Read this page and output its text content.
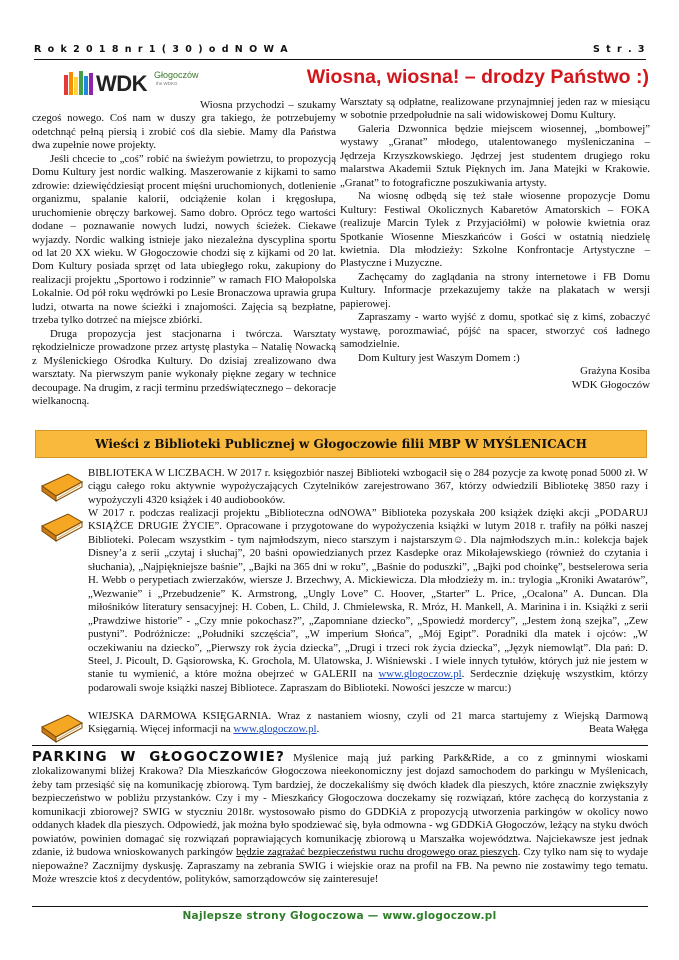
R o k 2 0 1 8 n r 1 ( 3 0 ) o d N O W A	S t r . 3
WDK Głogoczów
the WDKG	Wiosna, wiosna! – drodzy Państwo :)

Wiosna przychodzi – szukamy czegoś nowego. Coś nam w duszy gra takiego, że potrzebujemy odetchnąć pełną piersią i zrobić coś dla siebie. Mamy dla Państwa dwa zupełnie nowe projekty.

Jeśli chcecie to „coś” robić na świeżym powietrzu, to propozycją Domu Kultury jest nordic walking. Maszerowanie z kijkami to samo zdrowie: dziewięćdziesiąt procent mięśni uruchomionych, dotlenienie organizmu, spalanie kalorii, odciążenie kolan i kręgosłupa, uruchomienie obręczy barkowej. Samo dobro. Oprócz tego wartości dodane – poznawanie nowych ludzi, nowych ścieżek. Ciekawe wyjazdy. Nordic walking istnieje jako niezależna dyscyplina sportu od lat 20 XX wieku. W Głogoczowie chodzi się z kijkami od 20 lat. Dom Kultury posiada sprzęt od lata ubiegłego roku, zakupiony do realizacji projektu „Sportowo i rodzinnie” w ramach FIO Małopolska Lokalnie. Od pół roku wędrówki po Lesie Bronaczowa uprawia grupa ludzi, otwarta na nowe ścieżki i znajomości. Zajęcia są bezpłatne, trzeba tylko dotrzeć na miejsce zbiórki.

Druga propozycja jest stacjonarna i twórcza. Warsztaty rękodzielnicze prowadzone przez artystę plastyka – Natalię Nowacką z Myślenickiego Ośrodka Kultury. Do dzisiaj zrealizowano dwa warsztaty. Na pierwszym panie wykonały piękne zegary w technice decoupage. Na drugim, z racji terminu przedświątecznego – dekoracje wielkanocną.

Warsztaty są odpłatne, realizowane przynajmniej jeden raz w miesiącu w sobotnie przedpołudnie na sali widowiskowej Domu Kultury.

Galeria Dzwonnica będzie miejscem wiosennej, „bombowej” wystawy „Granat” młodego, utalentowanego myśleniczanina – Jędrzeja Krzyszkowskiego. Jędrzej jest studentem drugiego roku malarstwa Akademii Sztuk Pięknych im. Jana Matejki w Krakowie. „Granat” to fotograficzne poszukiwania artysty.

Na wiosnę odbędą się też stałe wiosenne propozycje Domu Kultury: Festiwal Okolicznych Kabaretów Amatorskich – FOKA (realizuje Marcin Tylek z Przyjaciółmi) w połowie kwietnia oraz Spotkanie Wiosenne Mieszkańców i Gości w ostatnią niedzielę kwietnia. Dla młodzieży: Szkolne Konfrontacje Artystyczne – Plastyczne i Muzyczne.

Zachęcamy do zaglądania na strony internetowe i FB Domu Kultury. Informacje przekazujemy także na plakatach w wersji papierowej.

Zapraszamy - warto wyjść z domu, spotkać się z kimś, zobaczyć wystawę, porozmawiać, pójść na spacer, stworzyć coś ładnego samodzielnie.

Dom Kultury jest Waszym Domem :)

Grażyna Kosiba

WDK Głogoczów

Wieści z Biblioteki Publicznej w Głogoczowie filii MBP W MYŚLENICACH

BIBLIOTEKA W LICZBACH. W 2017 r. księgozbiór naszej Biblioteki wzbogacił się o 284 pozycje za kwotę ponad 5000 zł. W ciągu całego roku aktywnie wypożyczających Czytelników zarejestrowano 367, którzy odwiedzili Bibliotekę 3850 razy i wypożyczyli 4320 książek i 40 audiobooków.

W 2017 r. podczas realizacji projektu „Biblioteczna odNOWA” Biblioteka pozyskała 200 książek dzięki akcji „PODARUJ KSIĄŻCE DRUGIE ŻYCIE”. Opracowane i przygotowane do wypożyczenia książki w lutym 2018 r. trafiły na półki naszej Biblioteki. Polecam wszystkim - tym najmłodszym, nieco starszym i najstarszym☺. Dla najmłodszych m.in.: kolekcja bajek Disney’a z serii „czytaj i słuchaj”, 20 baśni opowiedzianych przez Kasdepke oraz Mikołajewskiego (również do czytania i słuchania), „Najpiękniejsze baśnie”, „Bajki na 365 dni w roku”, „Baśnie do poduszki”, „Bajki pod choinkę”, bestselerowa seria H. Webb o perypetiach zwierzaków, wiersze J. Brzechwy, A. Mickiewicza. Dla młodzieży m. in.: trylogia „Kroniki Awatarów”, „Wezwanie” i „Przebudzenie” K. Armstrong, „Ungly Love” C. Hoover, „Starter” L. Price, „Ocalona” A. Duncan. Dla miłośników literatury sensacyjnej: H. Coben, L. Child, J. Chmielewska, R. Mróz, H. Mankell, A. Marinina i in. Książki z serii „Prawdziwe historie” - „Czy mnie pokochasz?”, „Zapomniane dziecko”, „Spowiedź mordercy”, „Jestem żoną szejka”, „Zew pustyni”. Podróżnicze: „Południki szczęścia”, „W imperium Słońca”, „Mój Egipt”. Poradniki dla matek i ojców: „W oczekiwaniu na dziecko”, „Pierwszy rok życia dziecka”, „Drugi i trzeci rok życia dziecka”, „Język niemowląt”. Dla pań: D. Steel, J. Picoult, D. Gąsiorowska, K. Grochola, M. Ulatowska, J. Wiśniewski . I wiele innych tytułów, których już nie jestem w stanie tu wymienić, a które można obejrzeć w GALERII na www.glogoczow.pl. Serdecznie dziękuję wszystkim, którzy podarowali swoje książki naszej Bibliotece. Zapraszam do Biblioteki. Nowości jeszcze w marcu:)

WIEJSKA DARMOWA KSIĘGARNIA. Wraz z nastaniem wiosny, czyli od 21 marca startujemy z Wiejską Darmową Księgarnią. Więcej informacji na www.glogoczow.pl.	Beata Wałęga

PARKING W GŁOGOCZOWIE? Myślenice mają już parking Park&Ride, a co z gminnymi wioskami zlokalizowanymi bliżej Krakowa? Dla Mieszkańców Głogoczowa nieekonomiczny jest dojazd samochodem do parkingu w Myślenicach, żeby tam przesiąść się na komunikację zbiorową. Tym bardziej, że doczekaliśmy się dwóch kładek dla pieszych, które znacznie zwiększyły bezpieczeństwo w pobliżu przystanków. Czy i my - Mieszkańcy Głogoczowa doczekamy się rozwiązań, które zachęcą do korzystania z komunikacji zbiorowej? SWIG w styczniu 2018r. wystosowało pismo do GDDKiA z propozycją utworzenia parkingów w okolicy nowo oddanych kładek dla pieszych. Odpowiedź, jak można było spodziewać się, była odmowna - wg GDDKiA Głogoczów, leżący na styku dwóch powiatów, powinien domagać się rozwiązań poprawiających komunikację zbiorową u Marszałka województwa. Najciekawsze jest jednak zdanie, iż budowa wnioskowanych parkingów będzie zagrażać bezpieczeństwu ruchu drogowego oraz pieszych. Czy tylko nam się to wydaje niepoważne? Zacznijmy dyskusję. Zapraszamy na zebrania SWIG i wiejskie oraz na profil na FB. Na pewno nie zostawimy tego tematu. Może wreszcie ktoś z decydentów, polityków, samorządowców się zainteresuje!

Najlepsze strony Głogoczowa — www.glogoczow.pl
